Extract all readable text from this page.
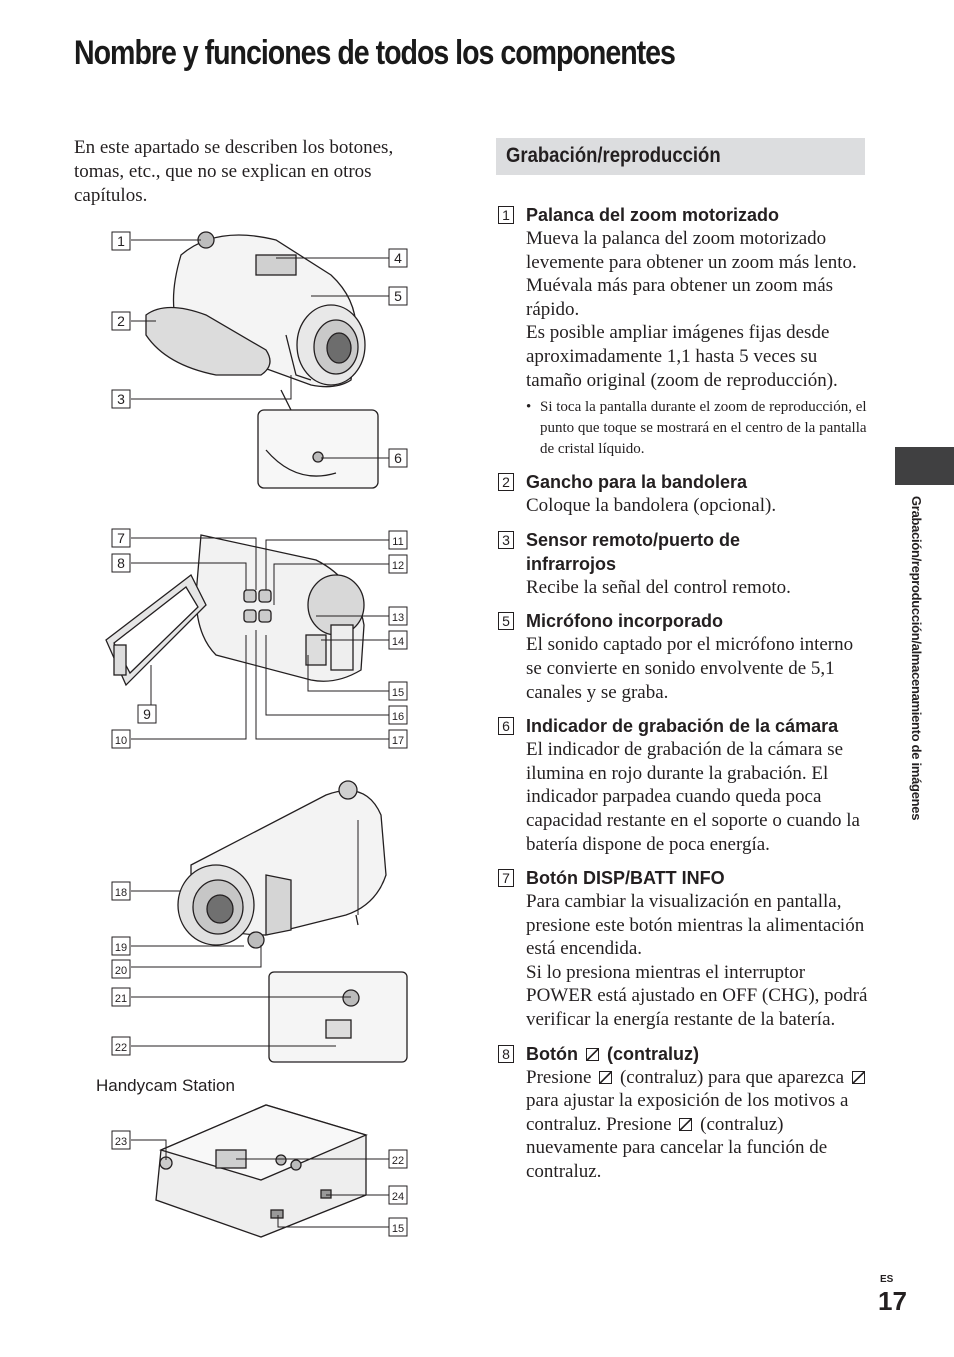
Nombre y funciones de todos los componentes

En este apartado se describen los botones, tomas, etc., que no se explican en otros capítulos.

Grabación/reproducción
Grabación/reproducción/almacenamiento de imágenes
1
2
3
4
5
6
7
8
9
10
11
12
13
14
15
16
17
18
19
20
21
22
23
22
24
15
Handycam Station
1 Palanca del zoom motorizado

Mueva la palanca del zoom motorizado levemente para obtener un zoom más lento. Muévala más para obtener un zoom más rápido.

Es posible ampliar imágenes fijas desde aproximadamente 1,1 hasta 5 veces su tamaño original (zoom de reproducción).

• Si toca la pantalla durante el zoom de reproducción, el punto que toque se mostrará en el centro de la pantalla de cristal líquido.
2 Gancho para la bandolera

Coloque la bandolera (opcional).

3 Sensor remoto/puerto de infrarrojos

Recibe la señal del control remoto.

5 Micrófono incorporado

El sonido captado por el micrófono interno se convierte en sonido envolvente de 5,1 canales y se graba.

6 Indicador de grabación de la cámara

El indicador de grabación de la cámara se ilumina en rojo durante la grabación. El indicador parpadea cuando queda poca capacidad restante en el soporte o cuando la batería dispone de poca energía.

7 Botón DISP/BATT INFO

Para cambiar la visualización en pantalla, presione este botón mientras la alimentación está encendida.

Si lo presiona mientras el interruptor POWER está ajustado en OFF (CHG), podrá verificar la energía restante de la batería.

8 Botón (contraluz)

Presione (contraluz) para que aparezca  para ajustar la exposición de los motivos a contraluz. Presione (contraluz) nuevamente para cancelar la función de contraluz.

ES
17
